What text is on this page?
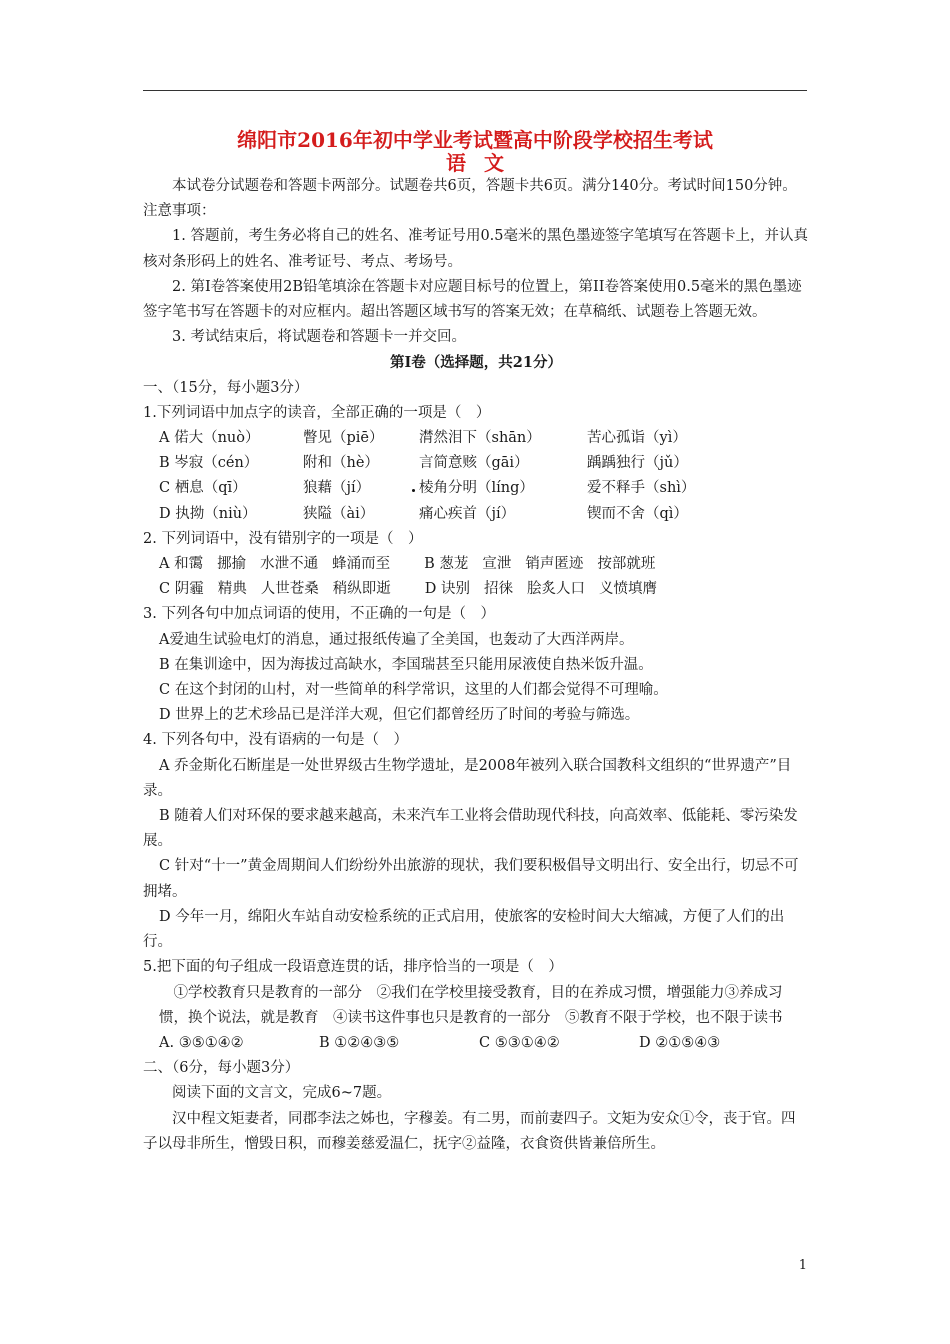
绵阳市2016年初中学业考试暨高中阶段学校招生考试
语文

本试卷分试题卷和答题卡两部分。试题卷共6页，答题卡共6页。满分140分。考试时间150分钟。

注意事项：

1. 答题前，考生务必将自己的姓名、准考证号用0.5毫米的黑色墨迹签字笔填写在答题卡上，并认真核对条形码上的姓名、准考证号、考点、考场号。

2. 第Ⅰ卷答案使用2B铅笔填涂在答题卡对应题目标号的位置上，第II卷答案使用0.5毫米的黑色墨迹签字笔书写在答题卡的对应框内。超出答题区域书写的答案无效；在草稿纸、试题卷上答题无效。

3. 考试结束后，将试题卷和答题卡一并交回。

第Ⅰ卷（选择题，共21分）

一、（15分，每小题3分）

1.下列词语中加点字的读音，全部正确的一项是（　）

A 偌大（nuò）	瞥见（piē）	潸然泪下（shān）	苦心孤诣（yì）
B 岑寂（cén）	附和（hè）	言简意赅（gāi）	踽踽独行（jǔ）
C 栖息（qī）	狼藉（jí）	棱角分明（líng）	爱不释手（shì）
D 执拗（niù）	狭隘（ài）	痛心疾首（jí）	锲而不舍（qì）

2. 下列词语中，没有错别字的一项是（　）

A 和霭 挪揄 水泄不通 蜂涌而至 B 葱茏 宣泄 销声匿迹 按部就班
C 阴霾 精典 人世苍桑 稍纵即逝 D 诀别 招徕 脍炙人口 义愤填膺

3. 下列各句中加点词语的使用，不正确的一句是（　）

A爱迪生试验电灯的消息，通过报纸传遍了全美国，也轰动了大西洋两岸。

B 在集训途中，因为海拔过高缺水，李国瑞甚至只能用尿液使自热米饭升温。

C 在这个封闭的山村，对一些简单的科学常识，这里的人们都会觉得不可理喻。

D 世界上的艺术珍品已是洋洋大观，但它们都曾经历了时间的考验与筛选。

4. 下列各句中，没有语病的一句是（　）

A 乔金斯化石断崖是一处世界级古生物学遗址，是2008年被列入联合国教科文组织的“世界遗产”目录。

B 随着人们对环保的要求越来越高，未来汽车工业将会借助现代科技，向高效率、低能耗、零污染发展。

C 针对“十一”黄金周期间人们纷纷外出旅游的现状，我们要积极倡导文明出行、安全出行，切忌不可拥堵。

D 今年一月，绵阳火车站自动安检系统的正式启用，使旅客的安检时间大大缩减，方便了人们的出行。

5.把下面的句子组成一段语意连贯的话，排序恰当的一项是（　）

①学校教育只是教育的一部分　②我们在学校里接受教育，目的在养成习惯，增强能力③养成习惯，换个说法，就是教育　④读书这件事也只是教育的一部分　⑤教育不限于学校，也不限于读书

A. ③⑤①④②	B ①②④③⑤	C ⑤③①④②	D ②①⑤④③

二、（6分，每小题3分）

阅读下面的文言文，完成6~7题。

汉中程文矩妻者，同郡李法之姊也，字穆姜。有二男，而前妻四子。文矩为安众①令，丧于官。四子以母非所生，憎毁日积，而穆姜慈爱温仁，抚字②益隆，衣食资供皆兼倍所生。

1
